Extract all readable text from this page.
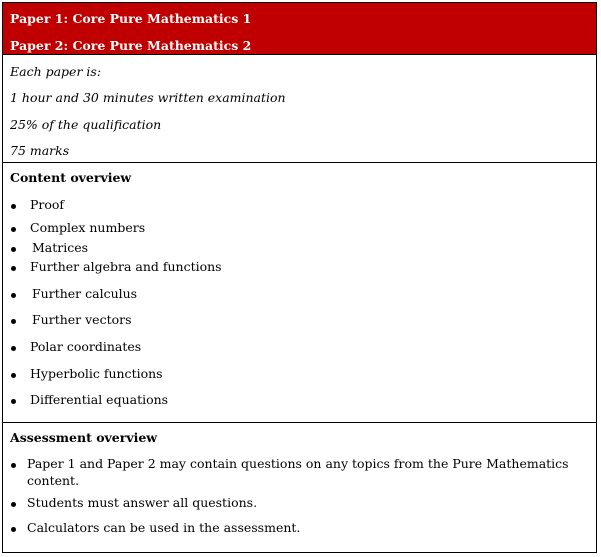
Paper 1: Core Pure Mathematics 1
Paper 2: Core Pure Mathematics 2
Each paper is:
1 hour and 30 minutes written examination
25% of the qualification
75 marks
Content overview
Proof
Complex numbers
Matrices
Further algebra and functions
Further calculus
Further vectors
Polar coordinates
Hyperbolic functions
Differential equations
Assessment overview
Paper 1 and Paper 2 may contain questions on any topics from the Pure Mathematics
content.
Students must answer all questions.
Calculators can be used in the assessment.
